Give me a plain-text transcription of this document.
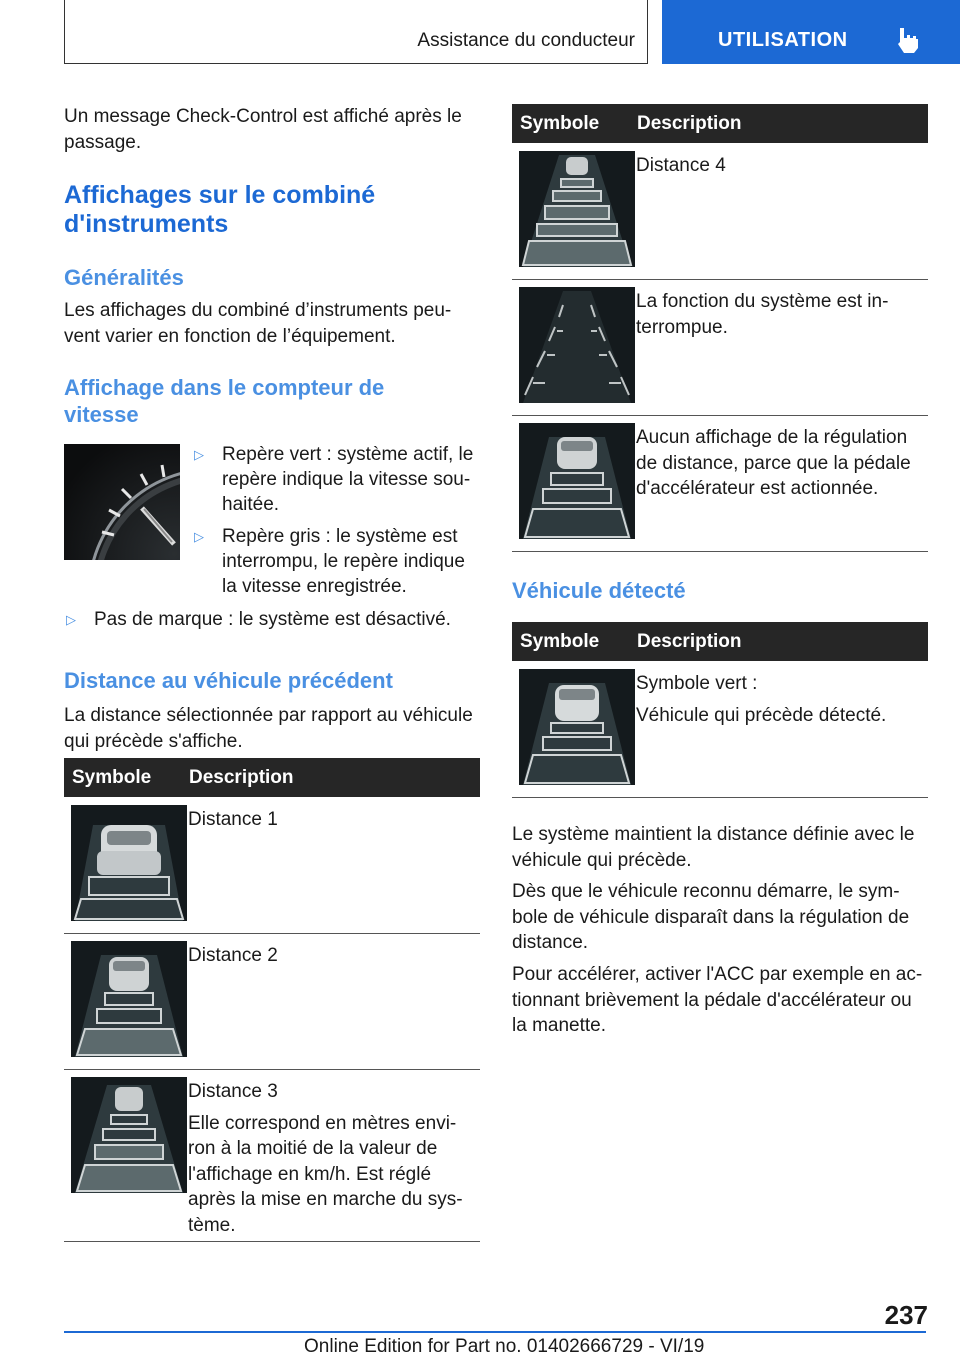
Assistance du conducteur	UTILISATION
Un message Check-Control est affiché après le
passage.
Affichages sur le combiné
d'instruments
Généralités
Les affichages du combiné d’instruments peu-
vent varier en fonction de l’équipement.
Affichage dans le compteur de
vitesse
▷ Repère vert : système actif, le
repère indique la vitesse sou-
haitée.
▷ Repère gris : le système est
interrompu, le repère indique
la vitesse enregistrée.
▷ Pas de marque : le système est désactivé.
Distance au véhicule précédent
La distance sélectionnée par rapport au véhicule
qui précède s'affiche.
Symbole Description

Distance 1

Distance 2

Distance 3

Elle correspond en mètres envi-
ron à la moitié de la valeur de
l'affichage en km/h. Est réglé
après la mise en marche du sys-
tème.
Symbole Description

Distance 4

La fonction du système est in-
terrompue.

Aucun affichage de la régulation
de distance, parce que la pédale
d'accélérateur est actionnée.

Véhicule détecté
Symbole Description

Symbole vert :

Véhicule qui précède détecté.

Le système maintient la distance définie avec le
véhicule qui précède.
Dès que le véhicule reconnu démarre, le sym-
bole de véhicule disparaît dans la régulation de
distance.
Pour accélérer, activer l'ACC par exemple en ac-
tionnant brièvement la pédale d'accélérateur ou
la manette.
237
Online Edition for Part no. 01402666729 - VI/19
